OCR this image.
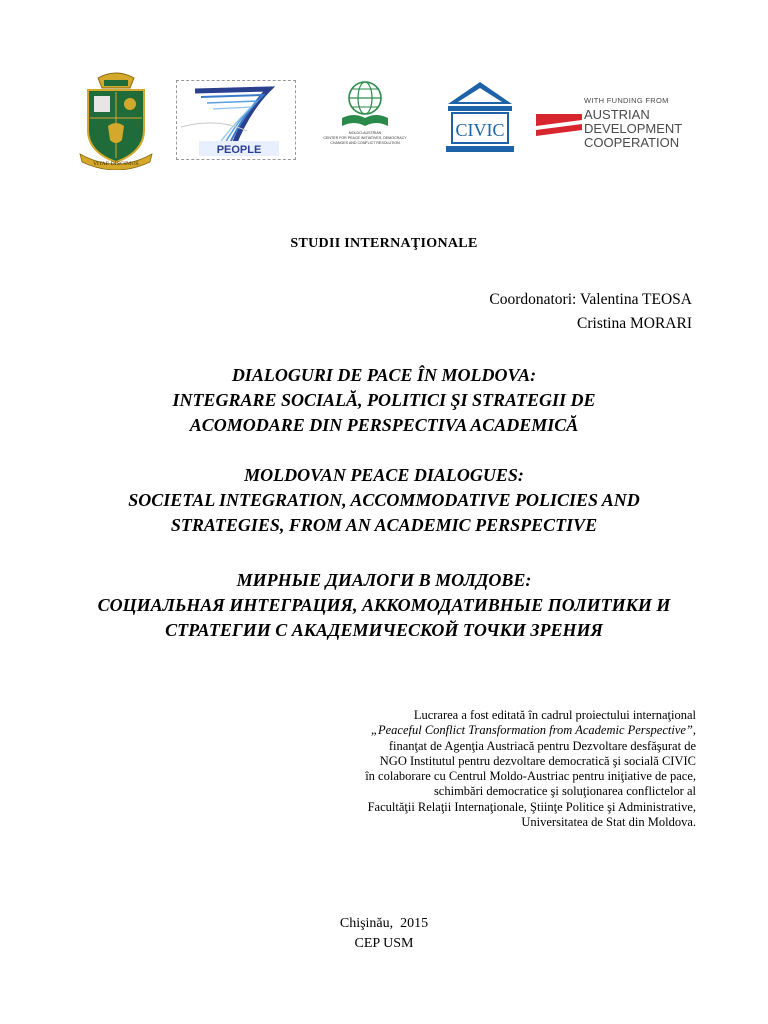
VITAE DISCIMUS
PEOPLE
MOLDO-AUSTRIAN
CENTER FOR PEACE INITIATIVES, DEMOCRACY
CHANGES AND CONFLICT RESOLUTION
CIVIC
WITH FUNDING FROM
AUSTRIAN
DEVELOPMENT
COOPERATION
STUDII INTERNAŢIONALE
Coordonatori: Valentina TEOSA
Cristina MORARI
DIALOGURI DE PACE ÎN MOLDOVA:
INTEGRARE SOCIALĂ, POLITICI ŞI STRATEGII DE
ACOMODARE DIN PERSPECTIVA ACADEMICĂ
MOLDOVAN PEACE DIALOGUES:
SOCIETAL INTEGRATION, ACCOMMODATIVE POLICIES AND
STRATEGIES, FROM AN ACADEMIC PERSPECTIVE
МИРНЫЕ ДИАЛОГИ В МОЛДОВЕ:
СОЦИАЛЬНАЯ ИНТЕГРАЦИЯ, АККОМОДАТИВНЫЕ ПОЛИТИКИ И
СТРАТЕГИИ С АКАДЕМИЧЕСКОЙ ТОЧКИ ЗРЕНИЯ
Lucrarea a fost editată în cadrul proiectului internaţional
„Peaceful Conflict Transformation from Academic Perspective”,
finanţat de Agenţia Austriacă pentru Dezvoltare desfăşurat de
NGO Institutul pentru dezvoltare democratică şi socială CIVIC
în colaborare cu Centrul Moldo-Austriac pentru iniţiative de pace,
schimbări democratice şi soluţionarea conflictelor al
Facultăţii Relaţii Internaţionale, Ştiinţe Politice şi Administrative,
Universitatea de Stat din Moldova.
Chişinău,  2015
CEP USM
